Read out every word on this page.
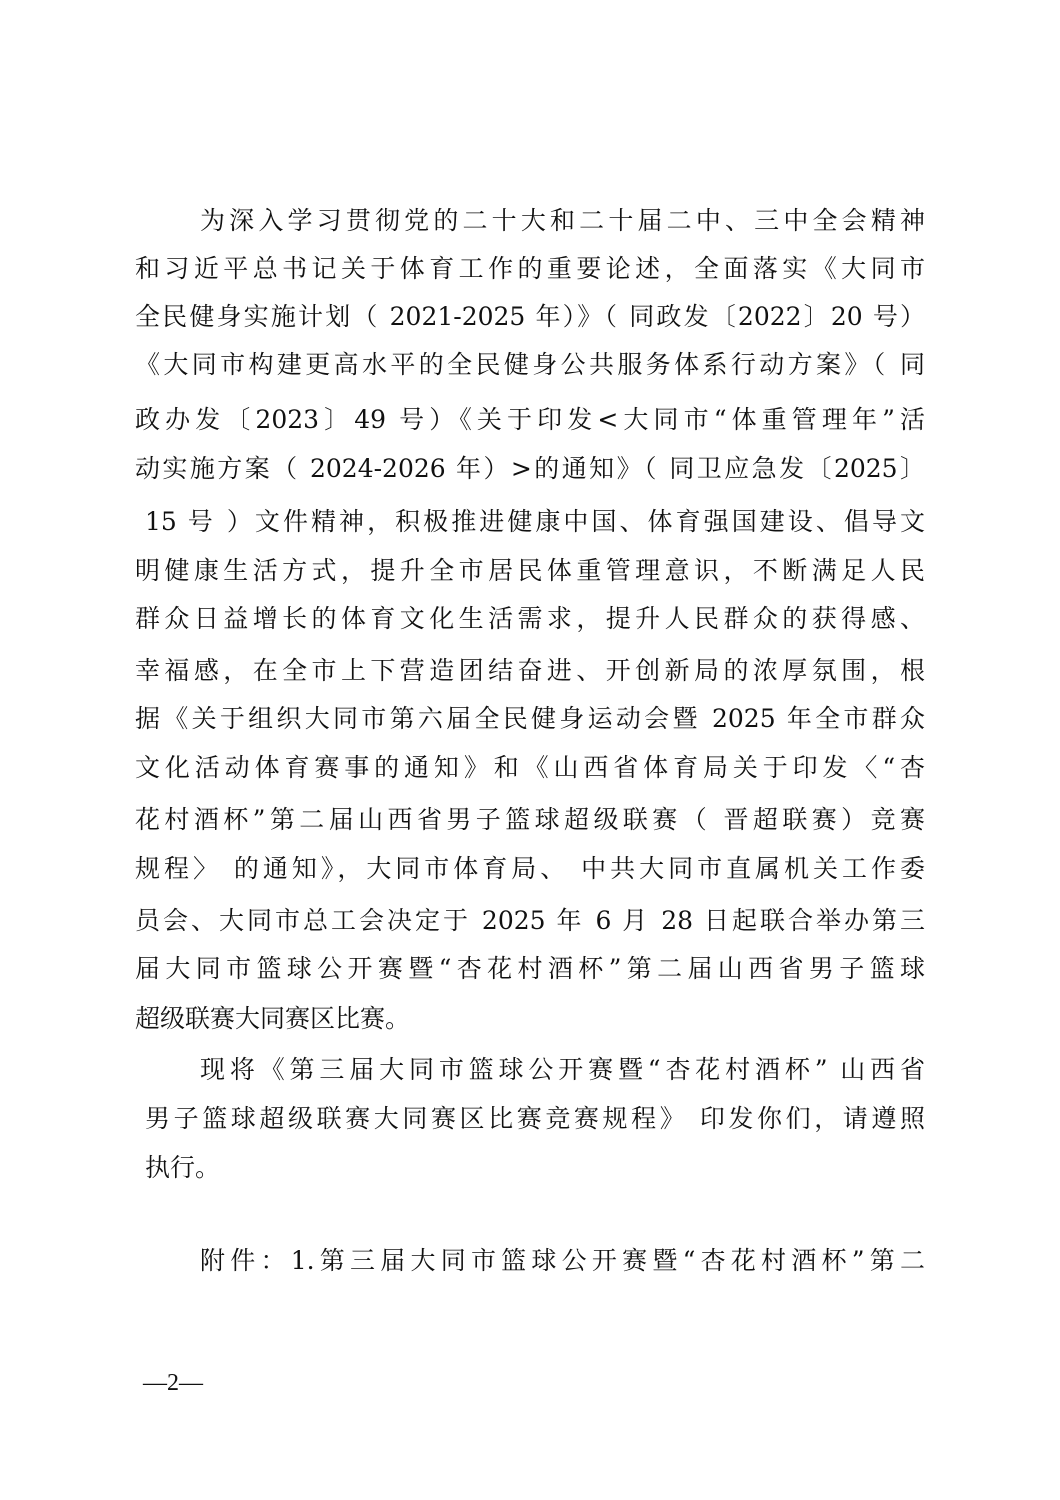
为深入学习贯彻党的二十大和二十届二中、三中全会精神
和习近平总书记关于体育工作的重要论述，全面落实《大同市
全民健身实施计划（ 2021-2025 年）》（ 同政发〔2022〕20 号）
《大同市构建更高水平的全民健身公共服务体系行动方案》（ 同
政办发〔2023〕49 号）《关于印发<大同市“体重管理年”活
动实施方案（ 2024-2026 年）>的通知》（ 同卫应急发〔2025〕
15 号 ）文件精神，积极推进健康中国、体育强国建设、倡导文
明健康生活方式，提升全市居民体重管理意识，不断满足人民
群众日益增长的体育文化生活需求，提升人民群众的获得感、
幸福感，在全市上下营造团结奋进、开创新局的浓厚氛围，根
据《关于组织大同市第六届全民健身运动会暨 2025 年全市群众
文化活动体育赛事的通知》和《山西省体育局关于印发〈“杏
花村酒杯”第二届山西省男子篮球超级联赛（ 晋超联赛）竞赛
规程〉 的通知》，大同市体育局、 中共大同市直属机关工作委
员会、大同市总工会决定于 2025 年 6 月 28 日起联合举办第三
届大同市篮球公开赛暨“杏花村酒杯”第二届山西省男子篮球
超级联赛大同赛区比赛。
现将《第三届大同市篮球公开赛暨“杏花村酒杯” 山西省
男子篮球超级联赛大同赛区比赛竞赛规程》 印发你们，请遵照
执行。
附件：1.第三届大同市篮球公开赛暨“杏花村酒杯”第二
—2—
